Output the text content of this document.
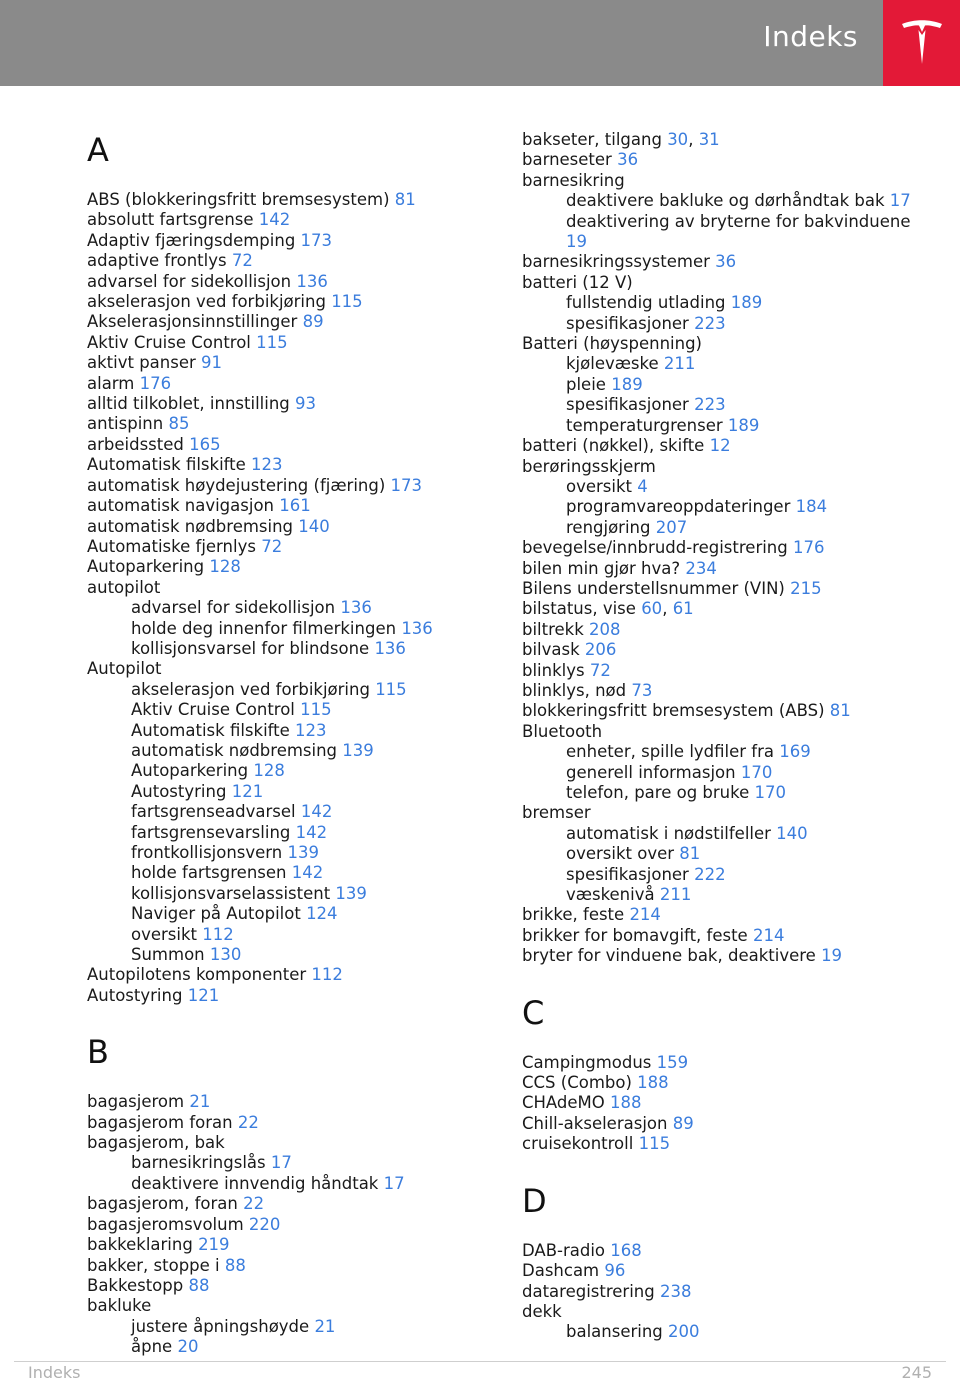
Indeks
A
ABS (blokkeringsfritt bremsesystem) 81
absolutt fartsgrense 142
Adaptiv fjæringsdemping 173
adaptive frontlys 72
advarsel for sidekollisjon 136
akselerasjon ved forbikjøring 115
Akselerasjonsinnstillinger 89
Aktiv Cruise Control 115
aktivt panser 91
alarm 176
alltid tilkoblet, innstilling 93
antispinn 85
arbeidssted 165
Automatisk filskifte 123
automatisk høydejustering (fjæring) 173
automatisk navigasjon 161
automatisk nødbremsing 140
Automatiske fjernlys 72
Autoparkering 128
autopilot
advarsel for sidekollisjon 136
holde deg innenfor filmerkingen 136
kollisjonsvarsel for blindsone 136
Autopilot
akselerasjon ved forbikjøring 115
Aktiv Cruise Control 115
Automatisk filskifte 123
automatisk nødbremsing 139
Autoparkering 128
Autostyring 121
fartsgrenseadvarsel 142
fartsgrensevarsling 142
frontkollisjonsvern 139
holde fartsgrensen 142
kollisjonsvarselassistent 139
Naviger på Autopilot 124
oversikt 112
Summon 130
Autopilotens komponenter 112
Autostyring 121
B
bagasjerom 21
bagasjerom foran 22
bagasjerom, bak
barnesikringslås 17
deaktivere innvendig håndtak 17
bagasjerom, foran 22
bagasjeromsvolum 220
bakkeklaring 219
bakker, stoppe i 88
Bakkestopp 88
bakluke
justere åpningshøyde 21
åpne 20
bakseter, tilgang 30, 31
barneseter 36
barnesikring
deaktivere bakluke og dørhåndtak bak 17
deaktivering av bryterne for bakvinduene 19
barnesikringssystemer 36
batteri (12 V)
fullstendig utlading 189
spesifikasjoner 223
Batteri (høyspenning)
kjølevæske 211
pleie 189
spesifikasjoner 223
temperaturgrenser 189
batteri (nøkkel), skifte 12
berøringsskjerm
oversikt 4
programvareoppdateringer 184
rengjøring 207
bevegelse/innbrudd-registrering 176
bilen min gjør hva? 234
Bilens understellsnummer (VIN) 215
bilstatus, vise 60, 61
biltrekk 208
bilvask 206
blinklys 72
blinklys, nød 73
blokkeringsfritt bremsesystem (ABS) 81
Bluetooth
enheter, spille lydfiler fra 169
generell informasjon 170
telefon, pare og bruke 170
bremser
automatisk i nødstilfeller 140
oversikt over 81
spesifikasjoner 222
væskenivå 211
brikke, feste 214
brikker for bomavgift, feste 214
bryter for vinduene bak, deaktivere 19
C
Campingmodus 159
CCS (Combo) 188
CHAdeMO 188
Chill-akselerasjon 89
cruisekontroll 115
D
DAB-radio 168
Dashcam 96
dataregistrering 238
dekk
balansering 200
Indeks	245
